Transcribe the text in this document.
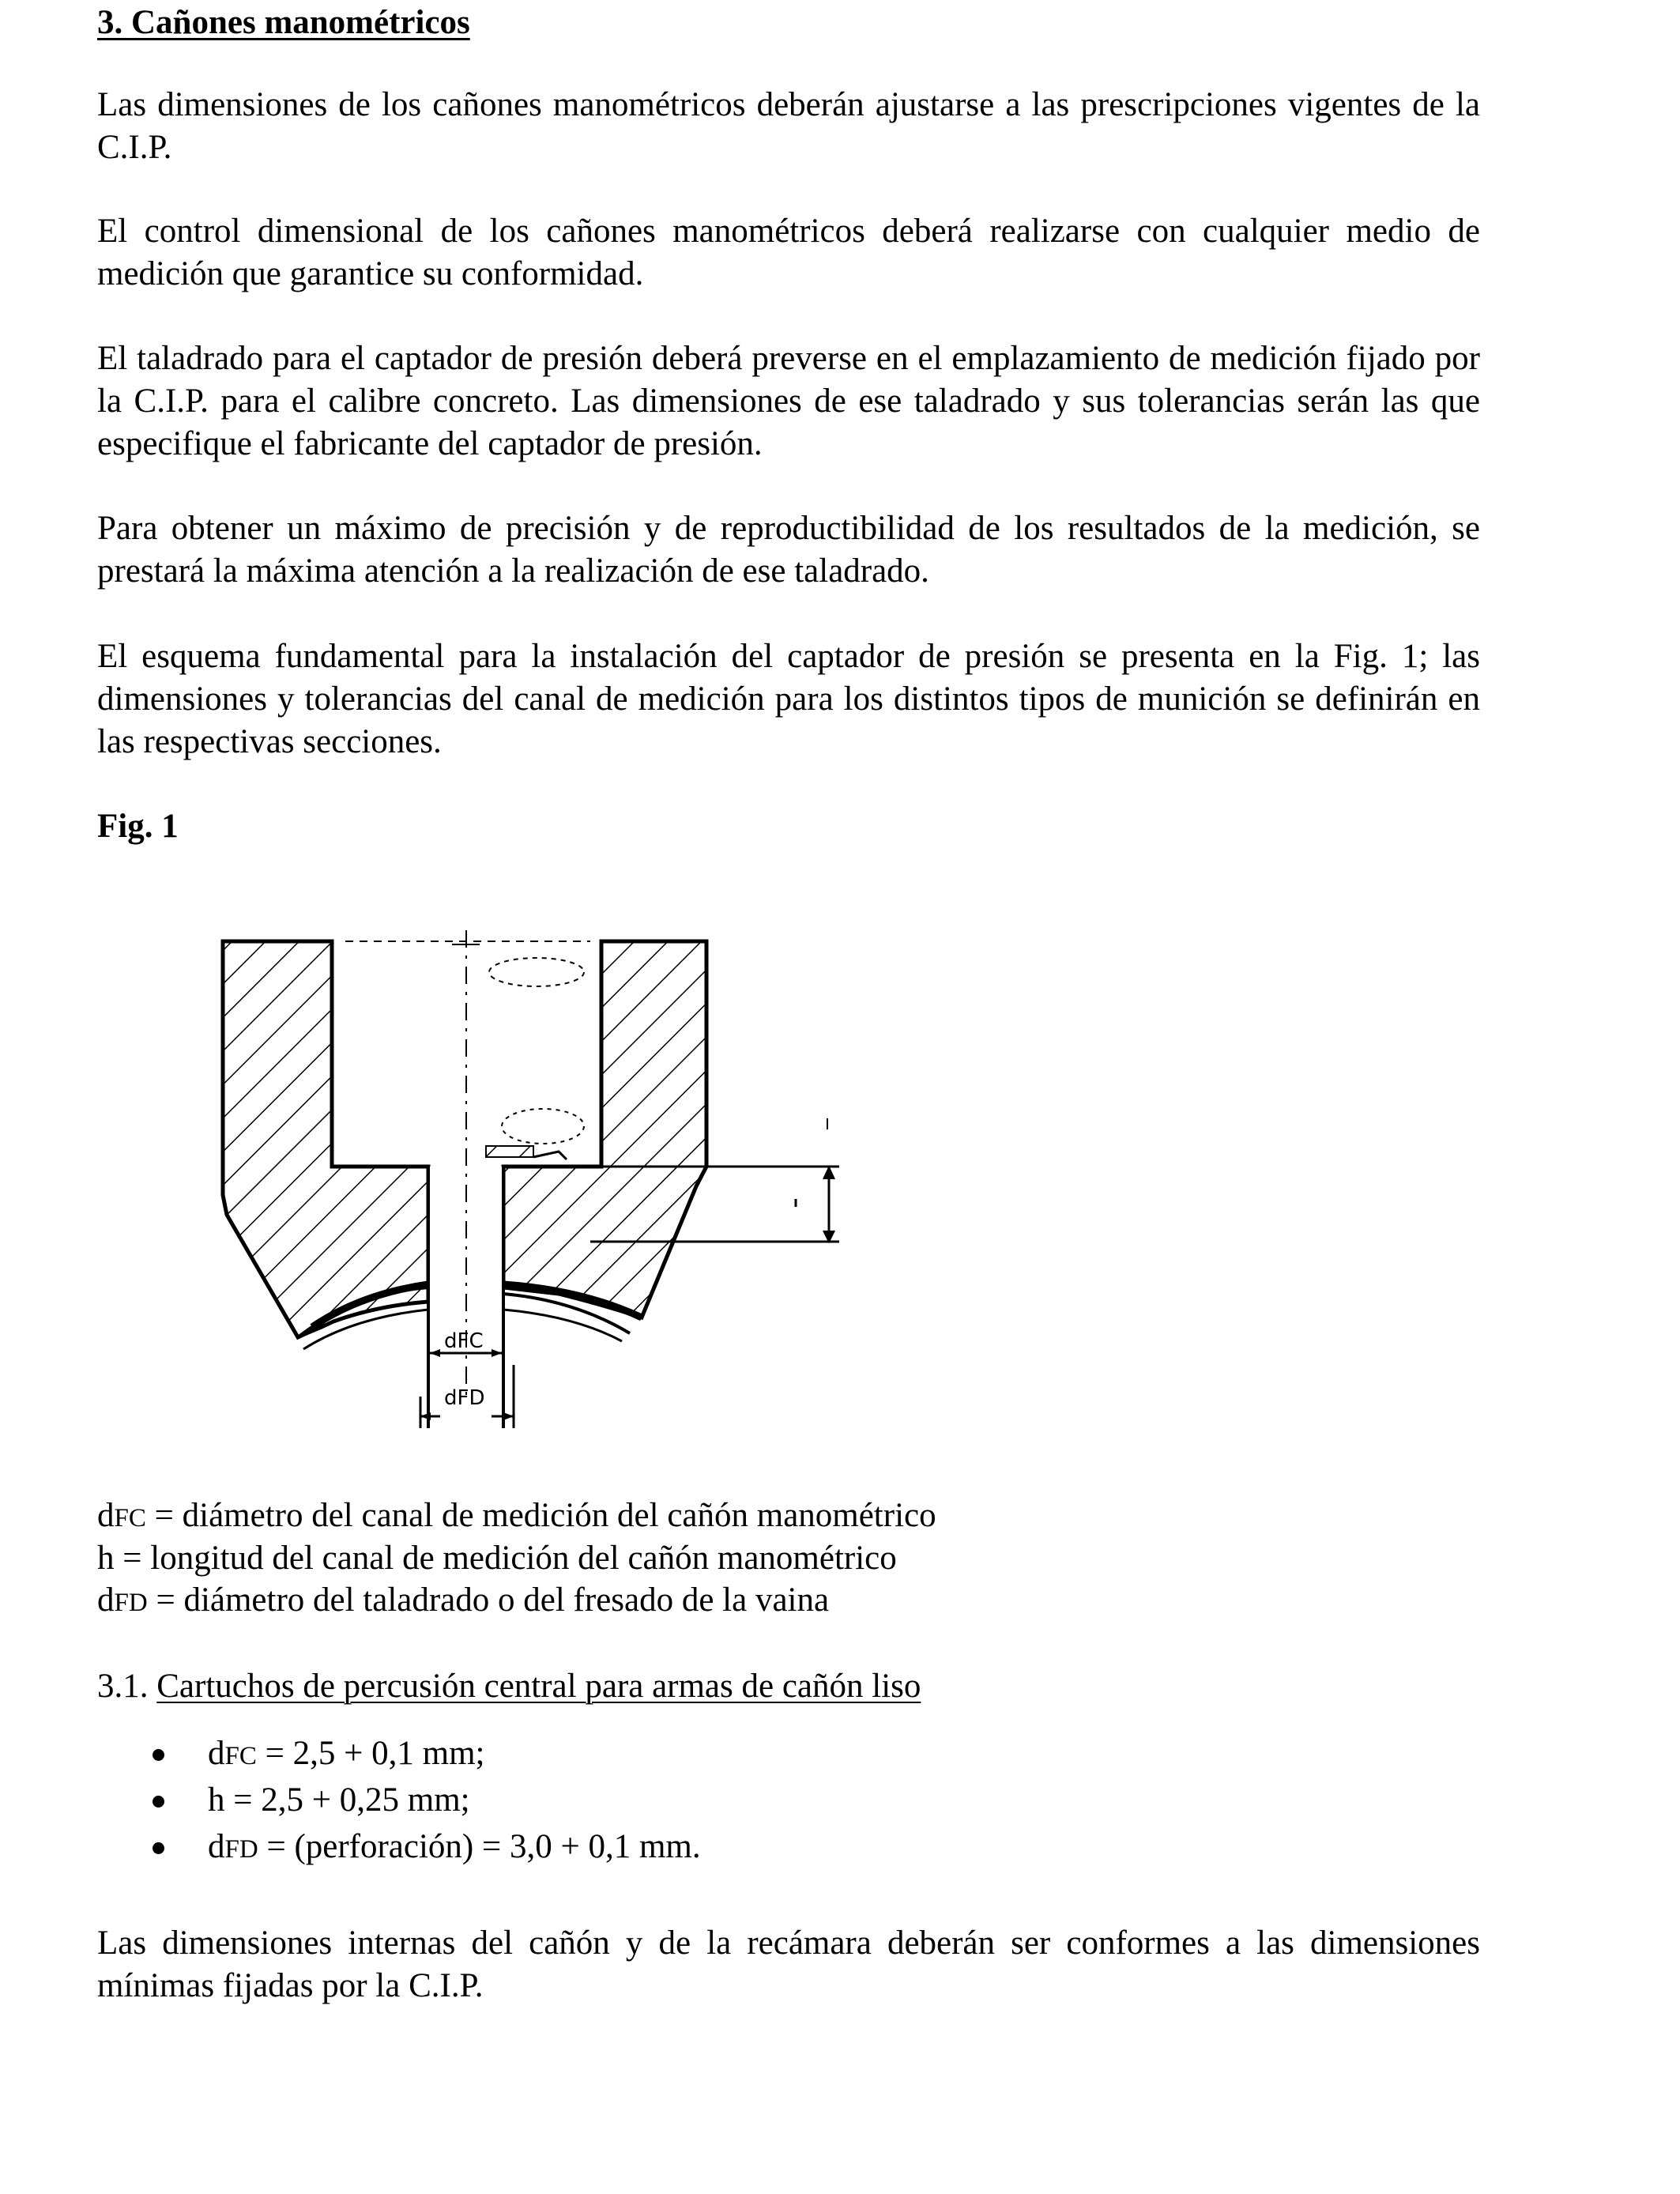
3. Cañones manométricos

Las dimensiones de los cañones manométricos deberán ajustarse a las prescripciones vigentes de la C.I.P.

El control dimensional de los cañones manométricos deberá realizarse con cualquier medio de medición que garantice su conformidad.

El taladrado para el captador de presión deberá preverse en el emplazamiento de medición fijado por la C.I.P. para el calibre concreto. Las dimensiones de ese taladrado y sus tolerancias serán las que especifique el fabricante del captador de presión.

Para obtener un máximo de precisión y de reproductibilidad de los resultados de la medición, se prestará la máxima atención a la realización de ese taladrado.

El esquema fundamental para la instalación del captador de presión se presenta en la Fig. 1; las dimensiones y tolerancias del canal de medición para los distintos tipos de munición se definirán en las respectivas secciones.

Fig. 1

dFC = diámetro del canal de medición del cañón manométrico

h = longitud del canal de medición del cañón manométrico

dFD = diámetro del taladrado o del fresado de la vaina

3.1. Cartuchos de percusión central para armas de cañón liso

dFC = 2,5 + 0,1 mm;
h = 2,5 + 0,25 mm;
dFD = (perforación) = 3,0 + 0,1 mm.

Las dimensiones internas del cañón y de la recámara deberán ser conformes a las dimensiones mínimas fijadas por la C.I.P.

dFC
dFD
